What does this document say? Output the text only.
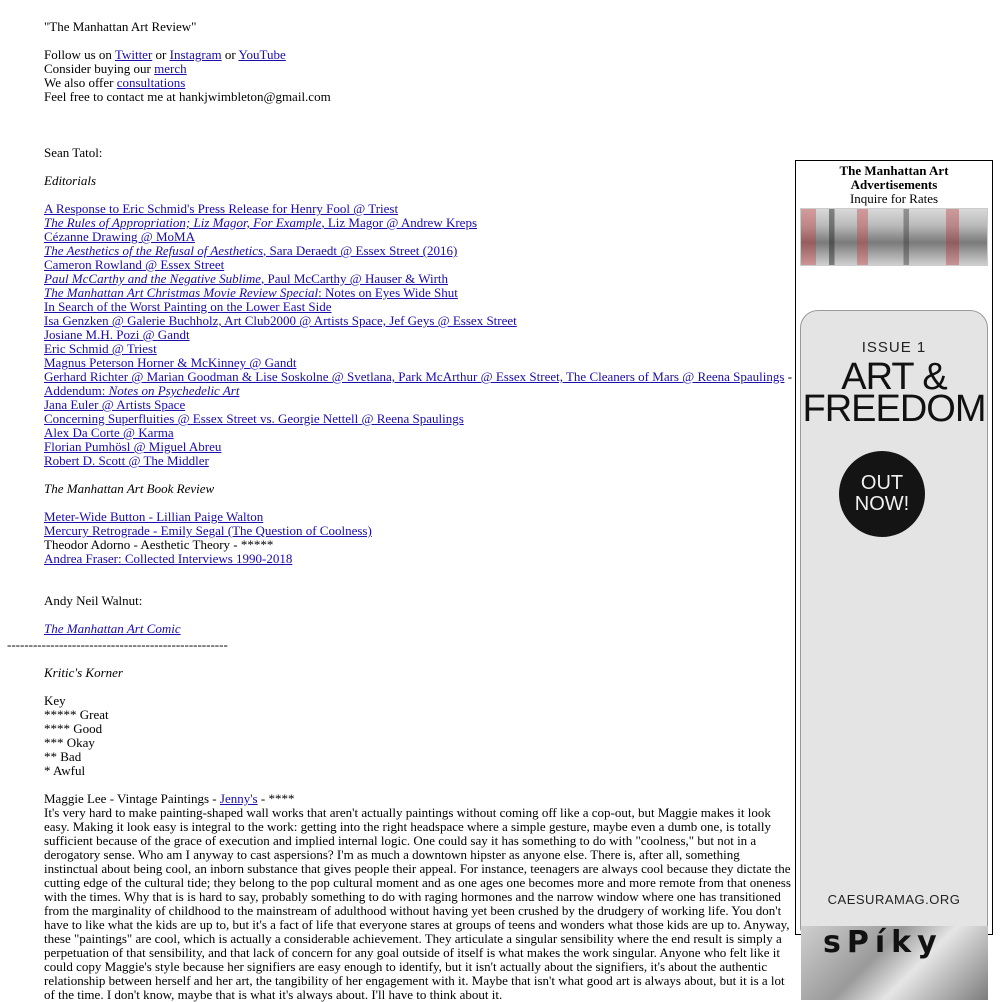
"The Manhattan Art Review"
Follow us on Twitter or Instagram or YouTube
Consider buying our merch
We also offer consultations
Feel free to contact me at hankjwimbleton@gmail.com
Sean Tatol:
Editorials
A Response to Eric Schmid's Press Release for Henry Fool @ Triest
The Rules of Appropriation; Liz Magor, For Example, Liz Magor @ Andrew Kreps
Cézanne Drawing @ MoMA
The Aesthetics of the Refusal of Aesthetics, Sara Deraedt @ Essex Street (2016)
Cameron Rowland @ Essex Street
Paul McCarthy and the Negative Sublime, Paul McCarthy @ Hauser & Wirth
The Manhattan Art Christmas Movie Review Special: Notes on Eyes Wide Shut
In Search of the Worst Painting on the Lower East Side
Isa Genzken @ Galerie Buchholz, Art Club2000 @ Artists Space, Jef Geys @ Essex Street
Josiane M.H. Pozi @ Gandt
Eric Schmid @ Triest
Magnus Peterson Horner & McKinney @ Gandt
Gerhard Richter @ Marian Goodman & Lise Soskolne @ Svetlana, Park McArthur @ Essex Street, The Cleaners of Mars @ Reena Spaulings -
Addendum: Notes on Psychedelic Art
Jana Euler @ Artists Space
Concerning Superfluities @ Essex Street vs. Georgie Nettell @ Reena Spaulings
Alex Da Corte @ Karma
Florian Pumhösl @ Miguel Abreu
Robert D. Scott @ The Middler
The Manhattan Art Book Review
Meter-Wide Button - Lillian Paige Walton
Mercury Retrograde - Emily Segal (The Question of Coolness)
Theodor Adorno - Aesthetic Theory - *****
Andrea Fraser: Collected Interviews 1990-2018
Andy Neil Walnut:
The Manhattan Art Comic
---------------------------------------------------
Kritic's Korner
Key
***** Great
**** Good
*** Okay
** Bad
* Awful
Maggie Lee - Vintage Paintings - Jenny's - ****

It's very hard to make painting-shaped wall works that aren't actually paintings without coming off like a cop-out, but Maggie makes it look easy. Making it look easy is integral to the work: getting into the right headspace where a simple gesture, maybe even a dumb one, is totally sufficient because of the grace of execution and implied internal logic. One could say it has something to do with "coolness," but not in a derogatory sense. Who am I anyway to cast aspersions? I'm as much a downtown hipster as anyone else. There is, after all, something instinctual about being cool, an inborn substance that gives people their appeal. For instance, teenagers are always cool because they dictate the cutting edge of the cultural tide; they belong to the pop cultural moment and as one ages one becomes more and more remote from that oneness with the times. Why that is is hard to say, probably something to do with raging hormones and the narrow window where one has transitioned from the marginality of childhood to the mainstream of adulthood without having yet been crushed by the drudgery of working life. You don't have to like what the kids are up to, but it's a fact of life that everyone stares at groups of teens and wonders what those kids are up to. Anyway, these "paintings" are cool, which is actually a considerable achievement. They articulate a singular sensibility where the end result is simply a perpetuation of that sensibility, and that lack of concern for any goal outside of itself is what makes the work singular. Anyone who felt like it could copy Maggie's style because her signifiers are easy enough to identify, but it isn't actually about the signifiers, it's about the authentic relationship between herself and her art, the tangibility of her engagement with it. Maybe that isn't what good art is always about, but it is a lot of the time. I don't know, maybe that is what it's always about. I'll have to think about it.

The Manhattan Art Advertisements
Inquire for Rates
ISSUE 1
ART &
FREEDOM
OUT
NOW!
CAESURAMAG.ORG
sPíky
